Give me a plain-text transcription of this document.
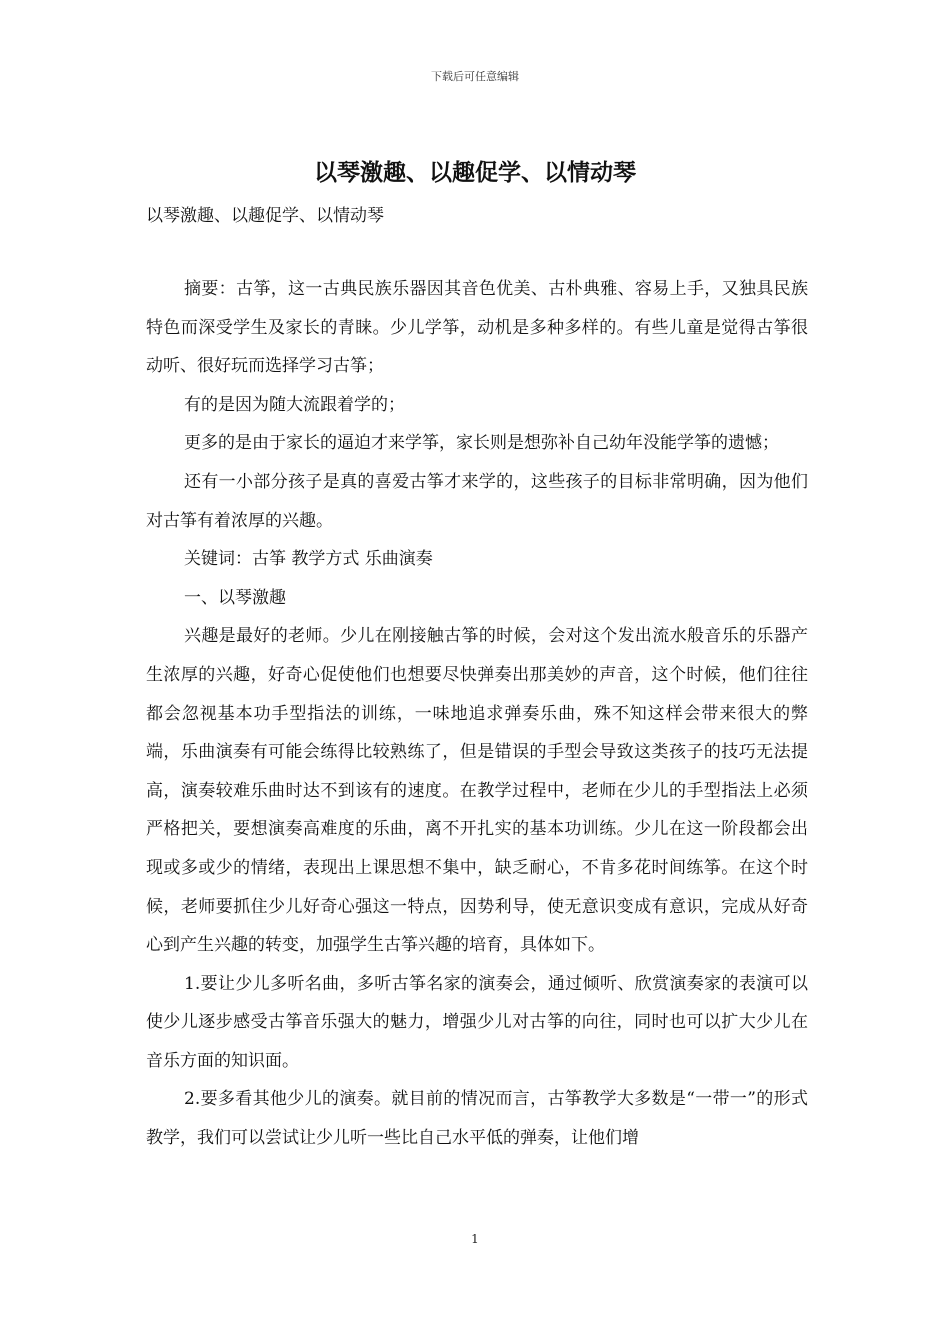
下载后可任意编辑
以琴激趣、以趣促学、以情动琴
以琴激趣、以趣促学、以情动琴

摘要：古筝，这一古典民族乐器因其音色优美、古朴典雅、容易上手，又独具民族特色而深受学生及家长的青睐。少儿学筝，动机是多种多样的。有些儿童是觉得古筝很动听、很好玩而选择学习古筝；

有的是因为随大流跟着学的；

更多的是由于家长的逼迫才来学筝，家长则是想弥补自己幼年没能学筝的遗憾；

还有一小部分孩子是真的喜爱古筝才来学的，这些孩子的目标非常明确，因为他们对古筝有着浓厚的兴趣。

关键词：古筝 教学方式 乐曲演奏

一、以琴激趣

兴趣是最好的老师。少儿在刚接触古筝的时候，会对这个发出流水般音乐的乐器产生浓厚的兴趣，好奇心促使他们也想要尽快弹奏出那美妙的声音，这个时候，他们往往都会忽视基本功手型指法的训练，一味地追求弹奏乐曲，殊不知这样会带来很大的弊端，乐曲演奏有可能会练得比较熟练了，但是错误的手型会导致这类孩子的技巧无法提高，演奏较难乐曲时达不到该有的速度。在教学过程中，老师在少儿的手型指法上必须严格把关，要想演奏高难度的乐曲，离不开扎实的基本功训练。少儿在这一阶段都会出现或多或少的情绪，表现出上课思想不集中，缺乏耐心，不肯多花时间练筝。在这个时候，老师要抓住少儿好奇心强这一特点，因势利导，使无意识变成有意识，完成从好奇心到产生兴趣的转变，加强学生古筝兴趣的培育，具体如下。

1.要让少儿多听名曲，多听古筝名家的演奏会，通过倾听、欣赏演奏家的表演可以使少儿逐步感受古筝音乐强大的魅力，增强少儿对古筝的向往，同时也可以扩大少儿在音乐方面的知识面。

2.要多看其他少儿的演奏。就目前的情况而言，古筝教学大多数是“一带一”的形式教学，我们可以尝试让少儿听一些比自己水平低的弹奏，让他们增

1
